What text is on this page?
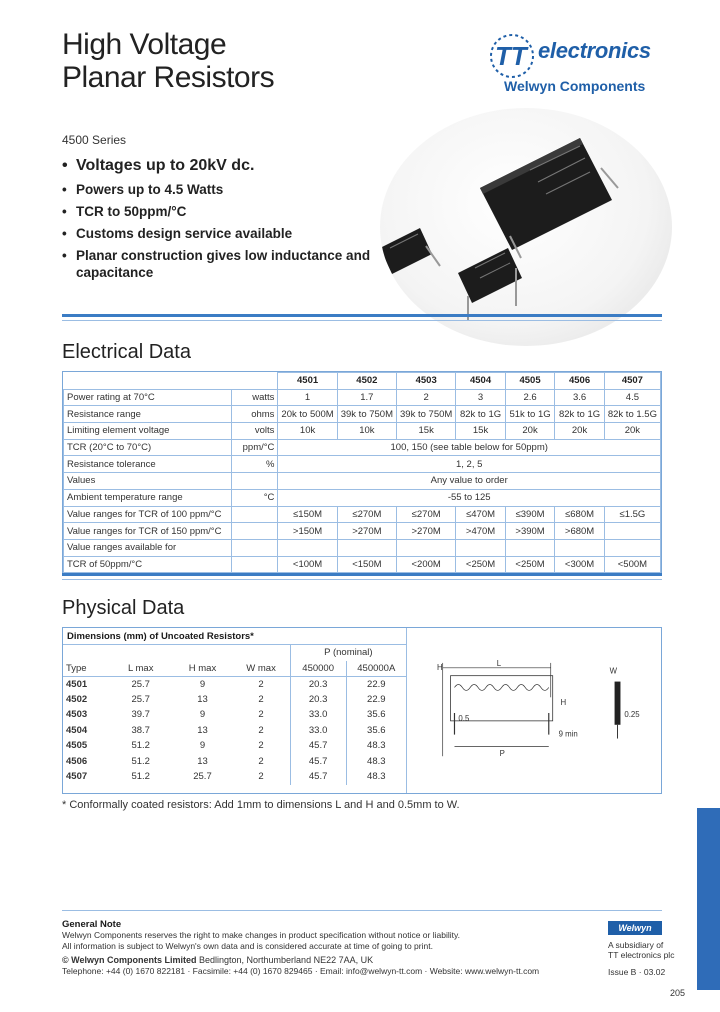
High Voltage
Planar Resistors
TT electronics
Welwyn Components
4500 Series
• Voltages up to 20kV dc.
• Powers up to 4.5 Watts
• TCR to 50ppm/°C
• Customs design service available
• Planar construction gives low inductance and capacitance
Electrical Data
		4501	4502	4503	4504	4505	4506	4507
Power rating at 70°C	watts	1	1.7	2	3	2.6	3.6	4.5
Resistance range	ohms	20k to 500M	39k to 750M	39k to 750M	82k to 1G	51k to 1G	82k to 1G	82k to 1.5G
Limiting element voltage	volts	10k	10k	15k	15k	20k	20k	20k
TCR (20°C to 70°C)	ppm/°C	100, 150 (see table below for 50ppm)						
Resistance tolerance	%	1, 2, 5						
Values		Any value to order						
Ambient temperature range	°C	-55 to 125						
Value ranges for TCR of 100 ppm/°C		≤150M	≤270M	≤270M	≤470M	≤390M	≤680M	≤1.5G
Value ranges for TCR of 150 ppm/°C		>150M	>270M	>270M	>470M	>390M	>680M	
Value ranges available for								
TCR of 50ppm/°C		<100M	<150M	<200M	<250M	<250M	<300M	<500M
Physical Data
Dimensions (mm) of Uncoated Resistors*
				P (nominal)	
Type	L max	H max	W max	450000	450000A
4501	25.7	9	2	20.3	22.9
4502	25.7	13	2	20.3	22.9
4503	39.7	9	2	33.0	35.6
4504	38.7	13	2	33.0	35.6
4505	51.2	9	2	45.7	48.3
4506	51.2	13	2	45.7	48.3
4507	51.2	25.7	2	45.7	48.3
L
H
0.5
H
9 min
P
W
0.25
* Conformally coated resistors: Add 1mm to dimensions L and H and 0.5mm to W.
General Note
Welwyn Components reserves the right to make changes in product specification without notice or liability.
All information is subject to Welwyn's own data and is considered accurate at time of going to print.
© Welwyn Components Limited Bedlington, Northumberland NE22 7AA, UK
Telephone: +44 (0) 1670 822181 · Facsimile: +44 (0) 1670 829465 · Email: info@welwyn-tt.com · Website: www.welwyn-tt.com
Welwyn
A subsidiary of
TT electronics plc
Issue B · 03.02
205
